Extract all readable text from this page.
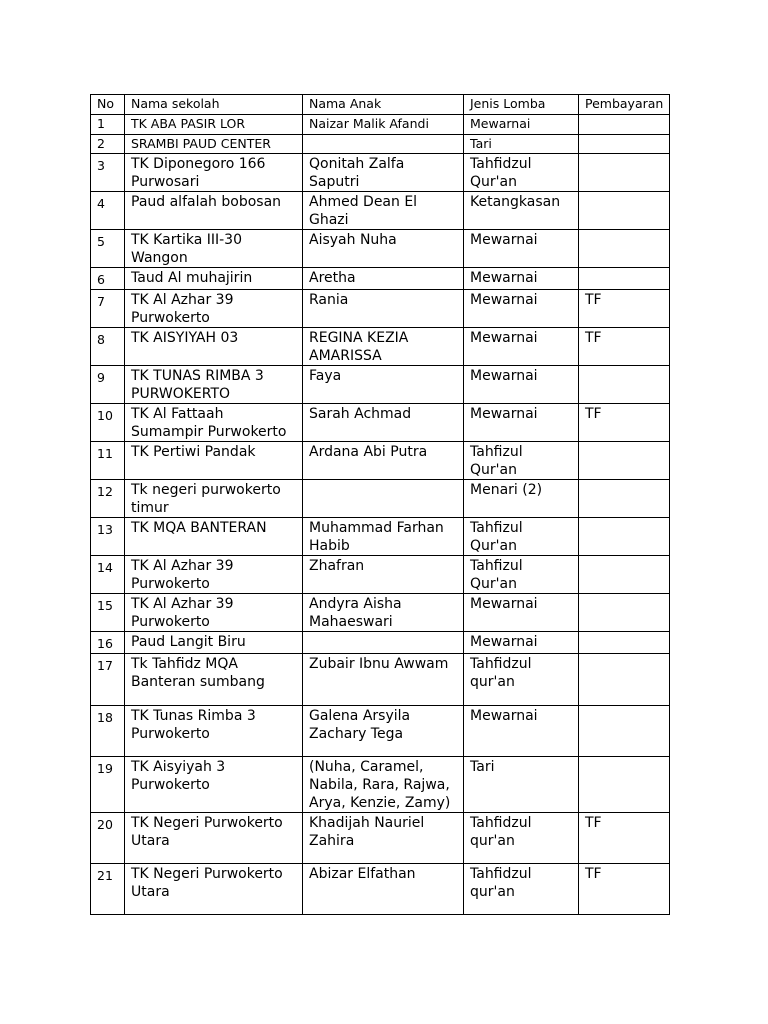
No	Nama sekolah	Nama Anak	Jenis Lomba	Pembayaran
1	TK ABA PASIR LOR	Naizar Malik Afandi	Mewarnai	
2	SRAMBI PAUD CENTER		Tari	
3	TK Diponegoro 166 Purwosari	Qonitah Zalfa Saputri	Tahfidzul Qur'an	
4	Paud alfalah bobosan	Ahmed Dean El Ghazi	Ketangkasan	
5	TK Kartika III-30 Wangon	Aisyah Nuha	Mewarnai	
6	Taud Al muhajirin	Aretha	Mewarnai	
7	TK Al Azhar 39 Purwokerto	Rania	Mewarnai	TF
8	TK AISYIYAH 03	REGINA KEZIA AMARISSA	Mewarnai	TF
9	TK TUNAS RIMBA 3 PURWOKERTO	Faya	Mewarnai	
10	TK Al Fattaah Sumampir Purwokerto	Sarah Achmad	Mewarnai	TF
11	TK Pertiwi Pandak	Ardana Abi Putra	Tahfizul Qur'an	
12	Tk negeri purwokerto timur		Menari (2)	
13	TK MQA BANTERAN	Muhammad Farhan Habib	Tahfizul Qur'an	
14	TK Al Azhar 39 Purwokerto	Zhafran	Tahfizul Qur'an	
15	TK Al Azhar 39 Purwokerto	Andyra Aisha Mahaeswari	Mewarnai	
16	Paud Langit Biru		Mewarnai	
17	Tk Tahfidz MQA Banteran sumbang	Zubair Ibnu Awwam	Tahfidzul qur'an	
18	TK Tunas Rimba 3 Purwokerto	Galena Arsyila Zachary Tega	Mewarnai	
19	TK Aisyiyah 3 Purwokerto	(Nuha, Caramel, Nabila, Rara, Rajwa, Arya, Kenzie, Zamy)	Tari	
20	TK Negeri Purwokerto Utara	Khadijah Nauriel Zahira	Tahfidzul qur'an	TF
21	TK Negeri Purwokerto Utara	Abizar Elfathan	Tahfidzul qur'an	TF
